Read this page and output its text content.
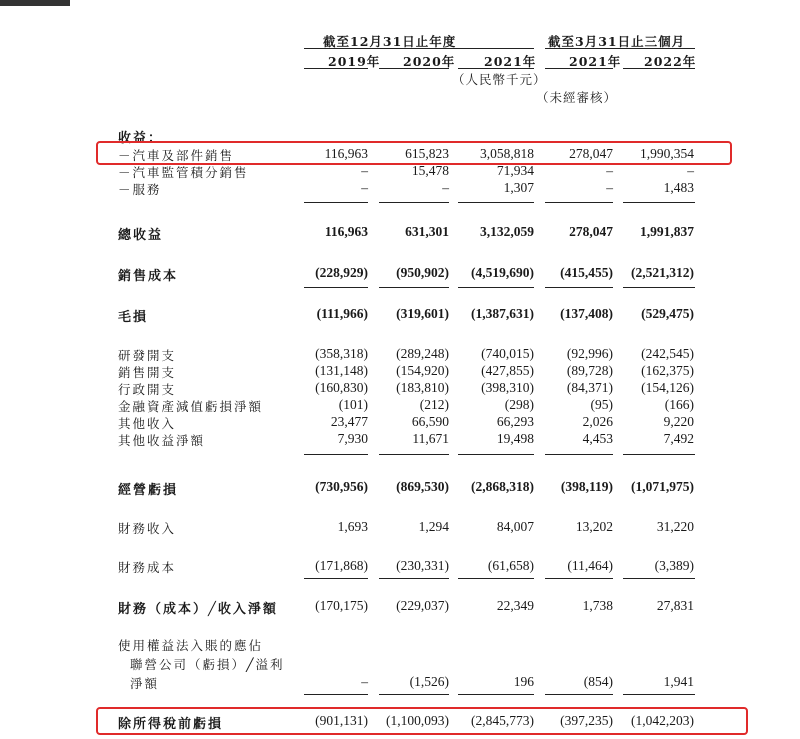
截至12月31日止年度	截至3月31日止三個月
2019年 2020年 2021年	2021年 2022年
（人民幣千元）
（未經審核）
收益：
－汽車及部件銷售	116,963	615,823 3,058,818	278,047 1,990,354
－汽車監管積分銷售	–	15,478	71,934	–	–
－服務	–	–	1,307	–	1,483
總收益	116,963	631,301 3,132,059	278,047 1,991,837
銷售成本	(228,929) (950,902) (4,519,690) (415,455) (2,521,312)
毛損	(111,966) (319,601) (1,387,631) (137,408) (529,475)
研發開支	(358,318) (289,248) (740,015) (92,996) (242,545)
銷售開支	(131,148) (154,920) (427,855) (89,728) (162,375)
行政開支	(160,830) (183,810) (398,310) (84,371) (154,126)
金融資產減值虧損淨額	(101)	(212)	(298)	(95)	(166)
其他收入	23,477	66,590	66,293	2,026	9,220
其他收益淨額	7,930	11,671	19,498	4,453	7,492
經營虧損	(730,956) (869,530) (2,868,318) (398,119) (1,071,975)
財務收入	1,693	1,294	84,007	13,202	31,220
財務成本	(171,868) (230,331)	(61,658) (11,464)	(3,389)
財務（成本）╱收入淨額	(170,175) (229,037)	22,349	1,738	27,831
使用權益法入賬的應佔
聯營公司（虧損）╱溢利
淨額	–	(1,526)	196	(854)	1,941
除所得稅前虧損	(901,131) (1,100,093) (2,845,773) (397,235) (1,042,203)
